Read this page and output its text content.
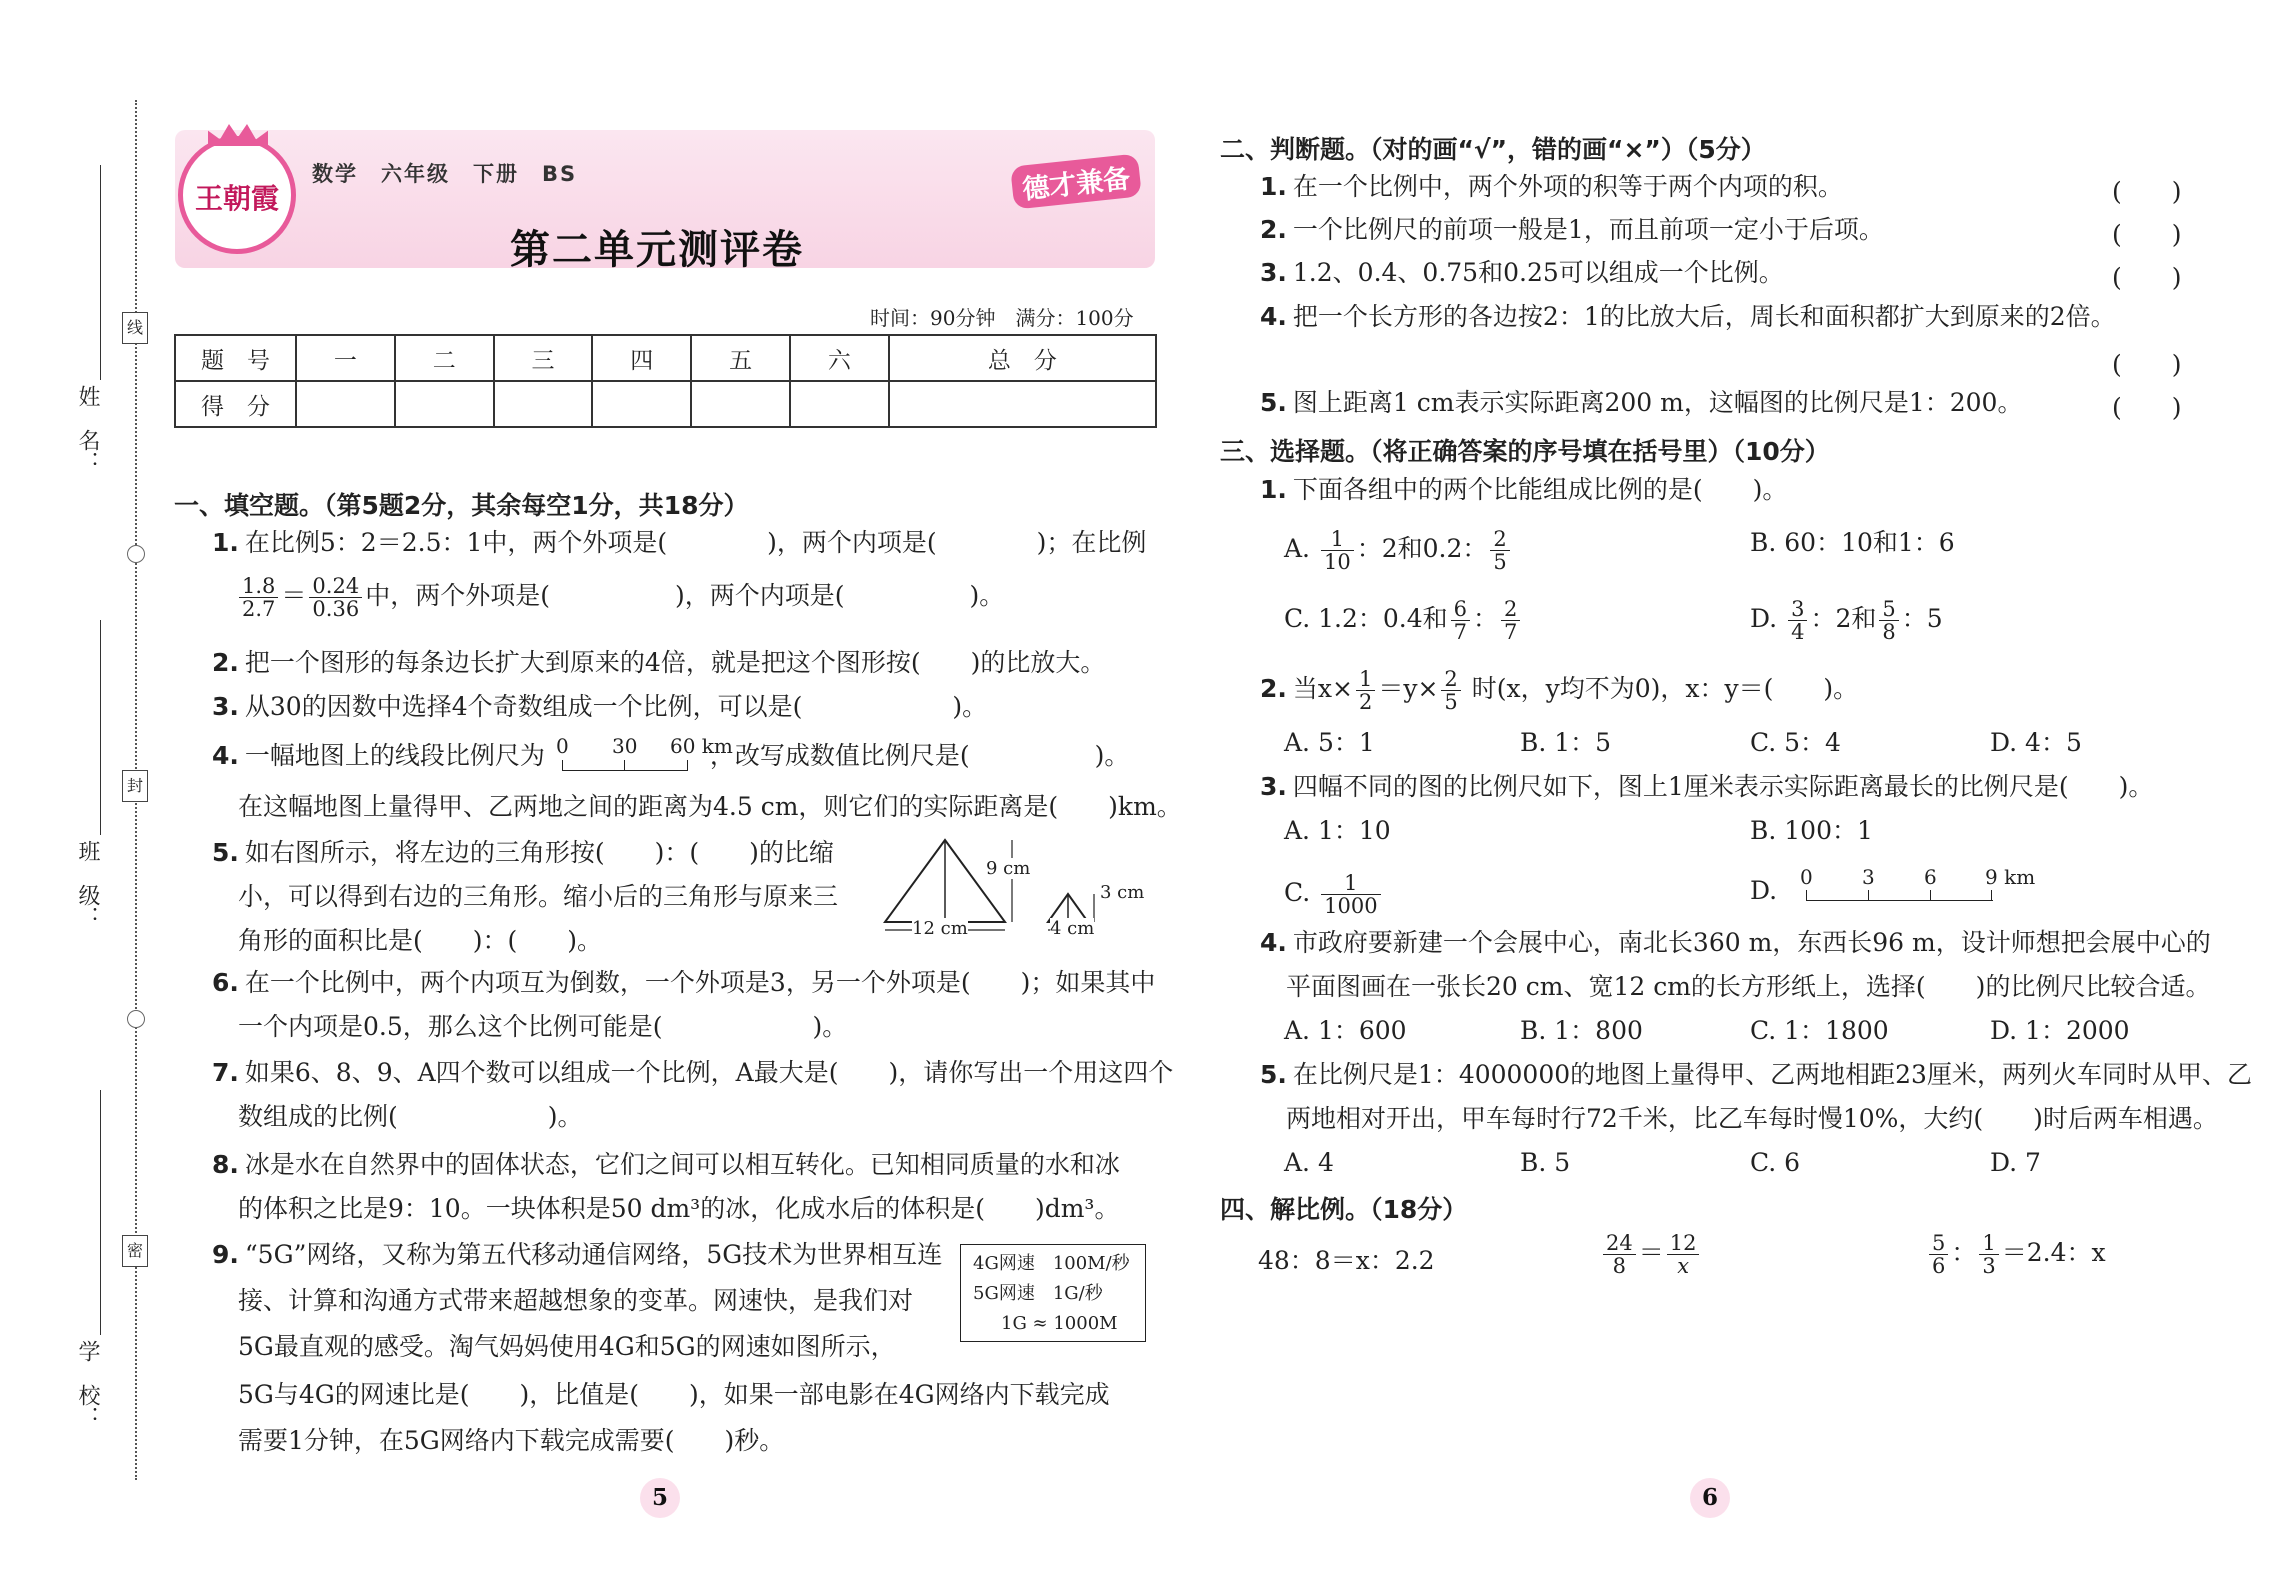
姓　名：
班　级：
学　校：
线
封
密
王朝霞
数学　六年级　下册　BS
第二单元测评卷
德才兼备
时间：90分钟　满分：100分
题　号	一	二	三	四	五	六	总　分
得　分							
一、填空题。（第5题2分，其余每空1分，共18分）
1. 在比例5：2＝2.5：1中，两个外项是(　　　　)，两个内项是(　　　　)；在比例
$\frac{1.8}{2.7} = \frac{0.24}{0.36}$ 中，两个外项是(　　　　　)，两个内项是(　　　　　)。
2. 把一个图形的每条边长扩大到原来的4倍，就是把这个图形按(　　)的比放大。
3. 从30的因数中选择4个奇数组成一个比例，可以是(　　　　　　)。
4. 一幅地图上的线段比例尺为	，改写成数值比例尺是(　　　　　)。
0 30 60 km
在这幅地图上量得甲、乙两地之间的距离为4.5 cm，则它们的实际距离是(　　)km。
5. 如右图所示，将左边的三角形按(　　)：(　　)的比缩
小，可以得到右边的三角形。缩小后的三角形与原来三
角形的面积比是(　　)：(　　)。
9 cm
12 cm
3 cm
4 cm
6. 在一个比例中，两个内项互为倒数，一个外项是3，另一个外项是(　　)；如果其中
一个内项是0.5，那么这个比例可能是(　　　　　　)。
7. 如果6、8、9、A四个数可以组成一个比例，A最大是(　　)，请你写出一个用这四个
数组成的比例(　　　　　　)。
8. 冰是水在自然界中的固体状态，它们之间可以相互转化。已知相同质量的水和冰
的体积之比是9：10。一块体积是50 dm³的冰，化成水后的体积是(　　)dm³。
9. “5G”网络，又称为第五代移动通信网络，5G技术为世界相互连
接、计算和沟通方式带来超越想象的变革。网速快，是我们对
5G最直观的感受。淘气妈妈使用4G和5G的网速如图所示，
5G与4G的网速比是(　　)，比值是(　　)，如果一部电影在4G网络内下载完成
需要1分钟，在5G网络内下载完成需要(　　)秒。
4G网速　100M/秒
5G网速　1G/秒
1G ≈ 1000M
5
二、判断题。（对的画“√”，错的画“×”）（5分）
1. 在一个比例中，两个外项的积等于两个内项的积。	(　　)
2. 一个比例尺的前项一般是1，而且前项一定小于后项。	(　　)
3. 1.2、0.4、0.75和0.25可以组成一个比例。	(　　)
4. 把一个长方形的各边按2：1的比放大后，周长和面积都扩大到原来的2倍。
(　　)
5. 图上距离1 cm表示实际距离200 m，这幅图的比例尺是1：200。	(　　)
三、选择题。（将正确答案的序号填在括号里）（10分）
1. 下面各组中的两个比能组成比例的是(　　)。
A. $\frac{1}{10}$ ：2和0.2： $\frac{2}{5}$	B. 60：10和1：6
C. 1.2：0.4和 $\frac{6}{7}$ ： $\frac{2}{7}$	D. $\frac{3}{4}$ ：2和 $\frac{5}{8}$ ：5
2. 当$x\times \frac{1}{2} =y\times \frac{2}{5}$ 时(x，y均不为0)，x：y＝(　　)。
A. 5：1	B. 1：5	C. 5：4	D. 4：5
3. 四幅不同的图的比例尺如下，图上1厘米表示实际距离最长的比例尺是(　　)。
A. 1：10	B. 100：1
C. $\frac{1}{1000}$	D. 0 3 6 9 km
4. 市政府要新建一个会展中心，南北长360 m，东西长96 m，设计师想把会展中心的
平面图画在一张长20 cm、宽12 cm的长方形纸上，选择(　　)的比例尺比较合适。
A. 1：600	B. 1：800	C. 1：1800	D. 1：2000
5. 在比例尺是1：4000000的地图上量得甲、乙两地相距23厘米，两列火车同时从甲、乙
两地相对开出，甲车每时行72千米，比乙车每时慢10%，大约(　　)时后两车相遇。
A. 4	B. 5	C. 6	D. 7
四、解比例。（18分）
48：8＝x：2.2	$\frac{24}{8} = \frac{12}{x}$	$\frac{5}{6}$ ： $\frac{1}{3} =2.4$：x
6
